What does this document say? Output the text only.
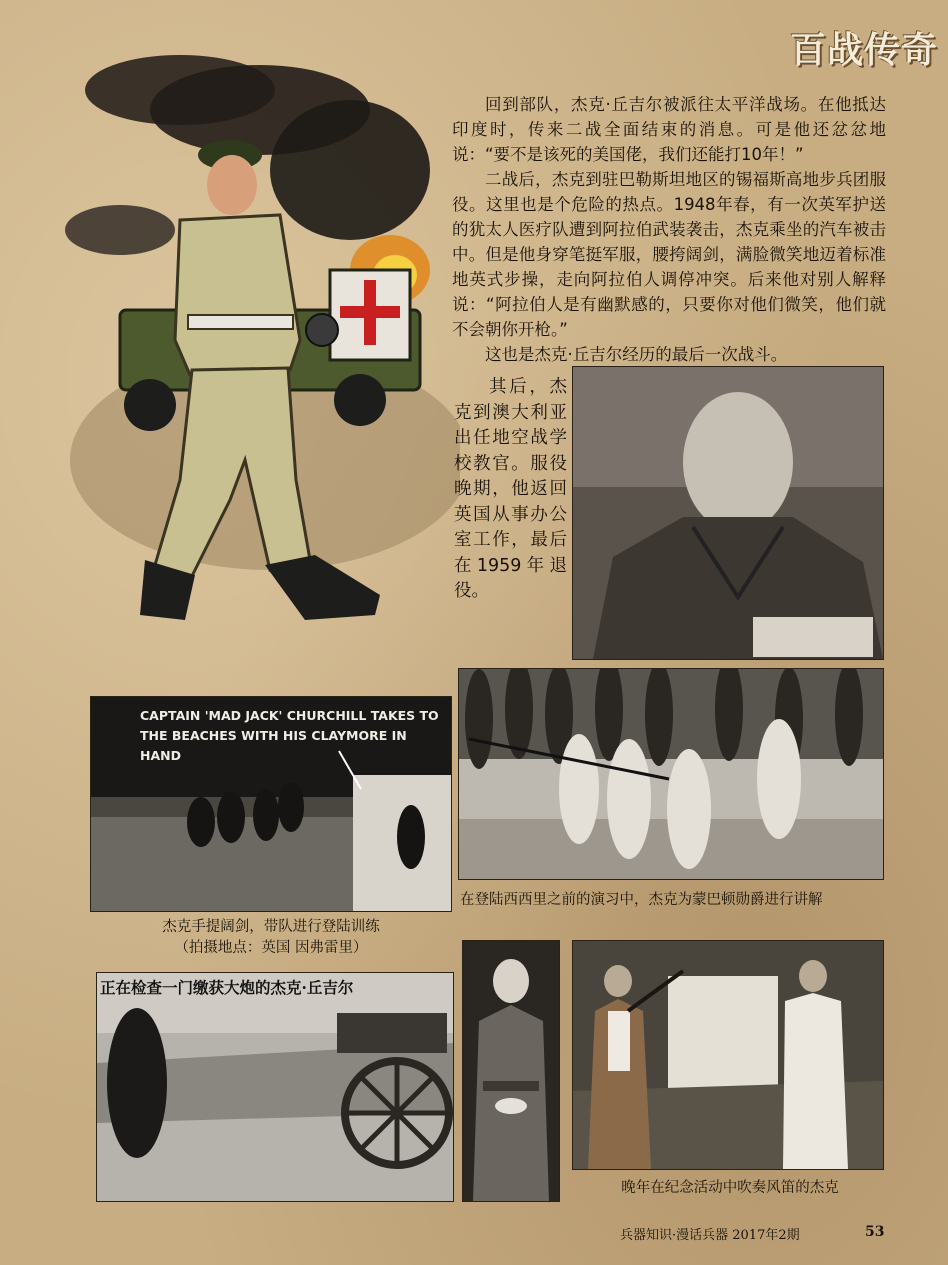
百战传奇

回到部队，杰克·丘吉尔被派往太平洋战场。在他抵达印度时，传来二战全面结束的消息。可是他还忿忿地说：“要不是该死的美国佬，我们还能打10年！”

二战后，杰克到驻巴勒斯坦地区的锡福斯高地步兵团服役。这里也是个危险的热点。1948年春，有一次英军护送的犹太人医疗队遭到阿拉伯武装袭击，杰克乘坐的汽车被击中。但是他身穿笔挺军服，腰挎阔剑，满脸微笑地迈着标准地英式步操，走向阿拉伯人调停冲突。后来他对别人解释说：“阿拉伯人是有幽默感的，只要你对他们微笑，他们就不会朝你开枪。”

这也是杰克·丘吉尔经历的最后一次战斗。

其后，杰克到澳大利亚出任地空战学校教官。服役晚期，他返回英国从事办公室工作，最后在1959年退役。

CAPTAIN 'MAD JACK' CHURCHILL TAKES TO THE BEACHES WITH HIS CLAYMORE IN HAND
杰克手提阔剑，带队进行登陆训练
（拍摄地点：英国 因弗雷里）
在登陆西西里之前的演习中，杰克为蒙巴顿勋爵进行讲解
正在检查一门缴获大炮的杰克·丘吉尔
晚年在纪念活动中吹奏风笛的杰克
兵器知识·漫话兵器 2017年2期	53
